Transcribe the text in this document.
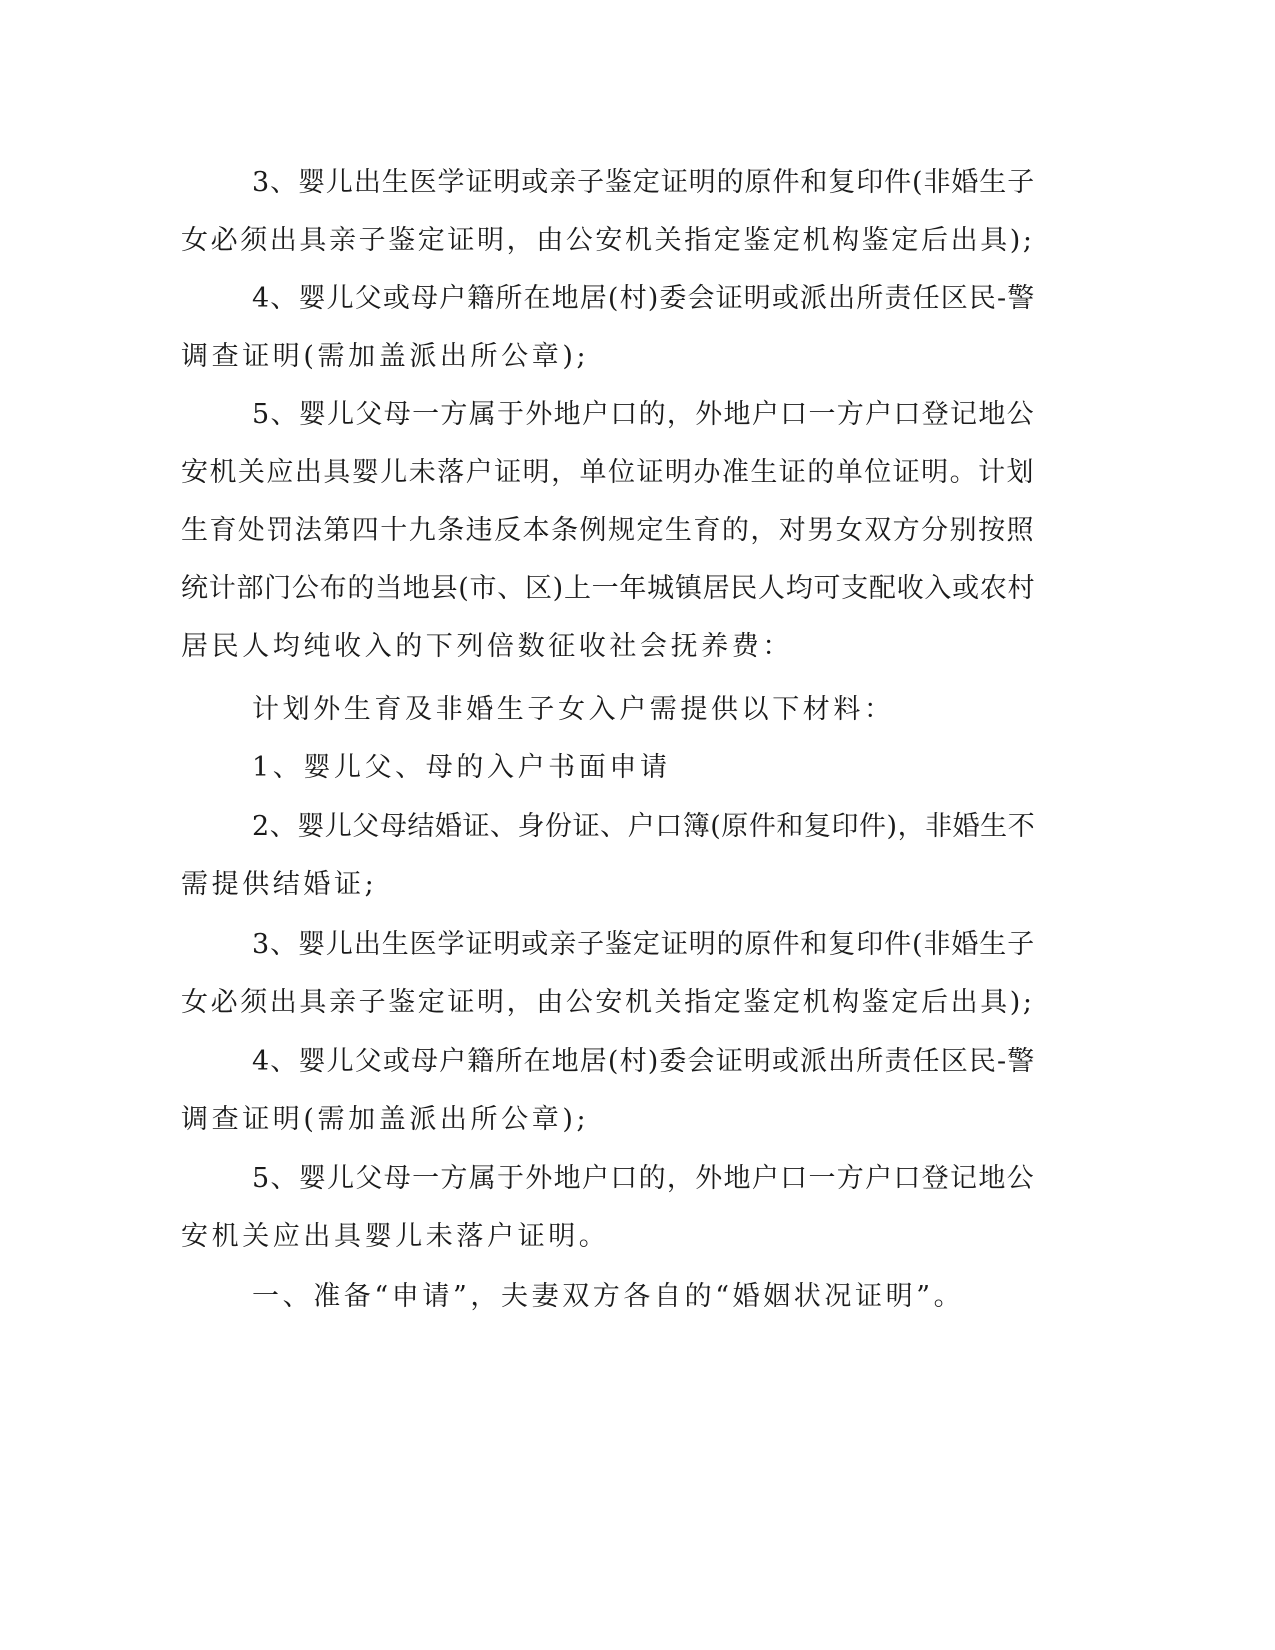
3、婴儿出生医学证明或亲子鉴定证明的原件和复印件(非婚生子
女必须出具亲子鉴定证明，由公安机关指定鉴定机构鉴定后出具);
4、婴儿父或母户籍所在地居(村)委会证明或派出所责任区民-警
调查证明(需加盖派出所公章);
5、婴儿父母一方属于外地户口的，外地户口一方户口登记地公
安机关应出具婴儿未落户证明，单位证明办准生证的单位证明。计划
生育处罚法第四十九条违反本条例规定生育的，对男女双方分别按照
统计部门公布的当地县(市、区)上一年城镇居民人均可支配收入或农村
居民人均纯收入的下列倍数征收社会抚养费：
计划外生育及非婚生子女入户需提供以下材料：
1、婴儿父、母的入户书面申请
2、婴儿父母结婚证、身份证、户口簿(原件和复印件)，非婚生不
需提供结婚证;
3、婴儿出生医学证明或亲子鉴定证明的原件和复印件(非婚生子
女必须出具亲子鉴定证明，由公安机关指定鉴定机构鉴定后出具);
4、婴儿父或母户籍所在地居(村)委会证明或派出所责任区民-警
调查证明(需加盖派出所公章);
5、婴儿父母一方属于外地户口的，外地户口一方户口登记地公
安机关应出具婴儿未落户证明。
一、准备“申请”，夫妻双方各自的“婚姻状况证明”。
